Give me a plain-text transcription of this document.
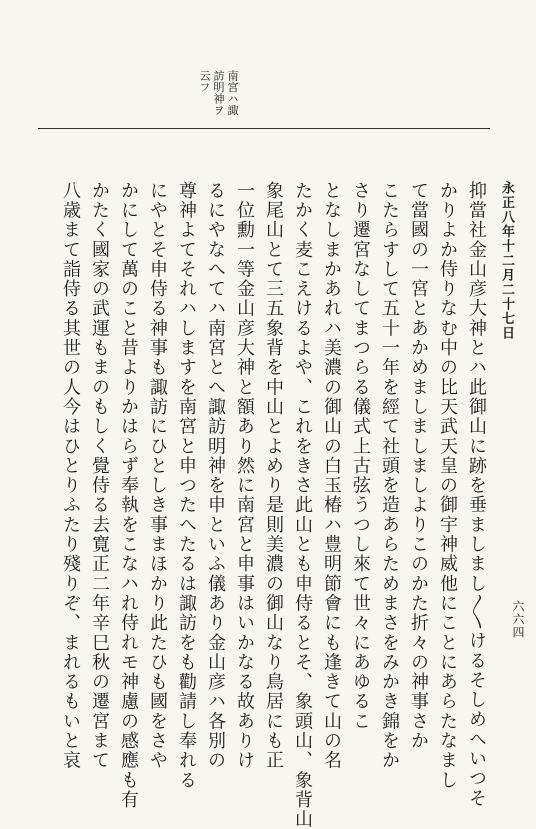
南宮ハ諏
訪明神ヲ
云フ
永正八年十二月二十七日
六六四
抑當社金山彦大神とハ此御山に跡を垂ましまし〳〵けるそしめへいつそ
かりよか侍りなむ中の比天武天皇の御宇神威他にことにあらたなまし
て當國の一宮とあかめましましましよりこのかた折々の神事さか
こたらすして五十一年を經て社頭を造あらためまさをみかき錦をか
さり遷宮なしてまつらる儀式上古弦うつし來て世々にあゆるこ
となしまかあれハ美濃の御山の白玉椿ハ豊明節會にも逢きて山の名
たかく麦こえけるよや、これをきさ此山とも申侍るとそ、象頭山、象背山
象尾山とて三五象背を中山とよめり是則美濃の御山なり鳥居にも正
一位勳一等金山彦大神と額あり然に南宮と申事はいかなる故ありけ
るにやなへてハ南宮とへ諏訪明神を申といふ儀あり金山彦ハ各別の
尊神よてそれハしますを南宮と申つたへたるは諏訪をも勸請し奉れる
にやとそ申侍る神事も諏訪にひとしき事まほかり此たひも國をさや
かにして萬のこと昔よりかはらず奉執をこなハれ侍れモ神慮の感應も有
かたく國家の武運もまのもしく覺侍る去寛正二年辛巳秋の遷宮まて
八歳まて詣侍る其世の人今はひとりふたり殘りぞ、まれるもいと哀
